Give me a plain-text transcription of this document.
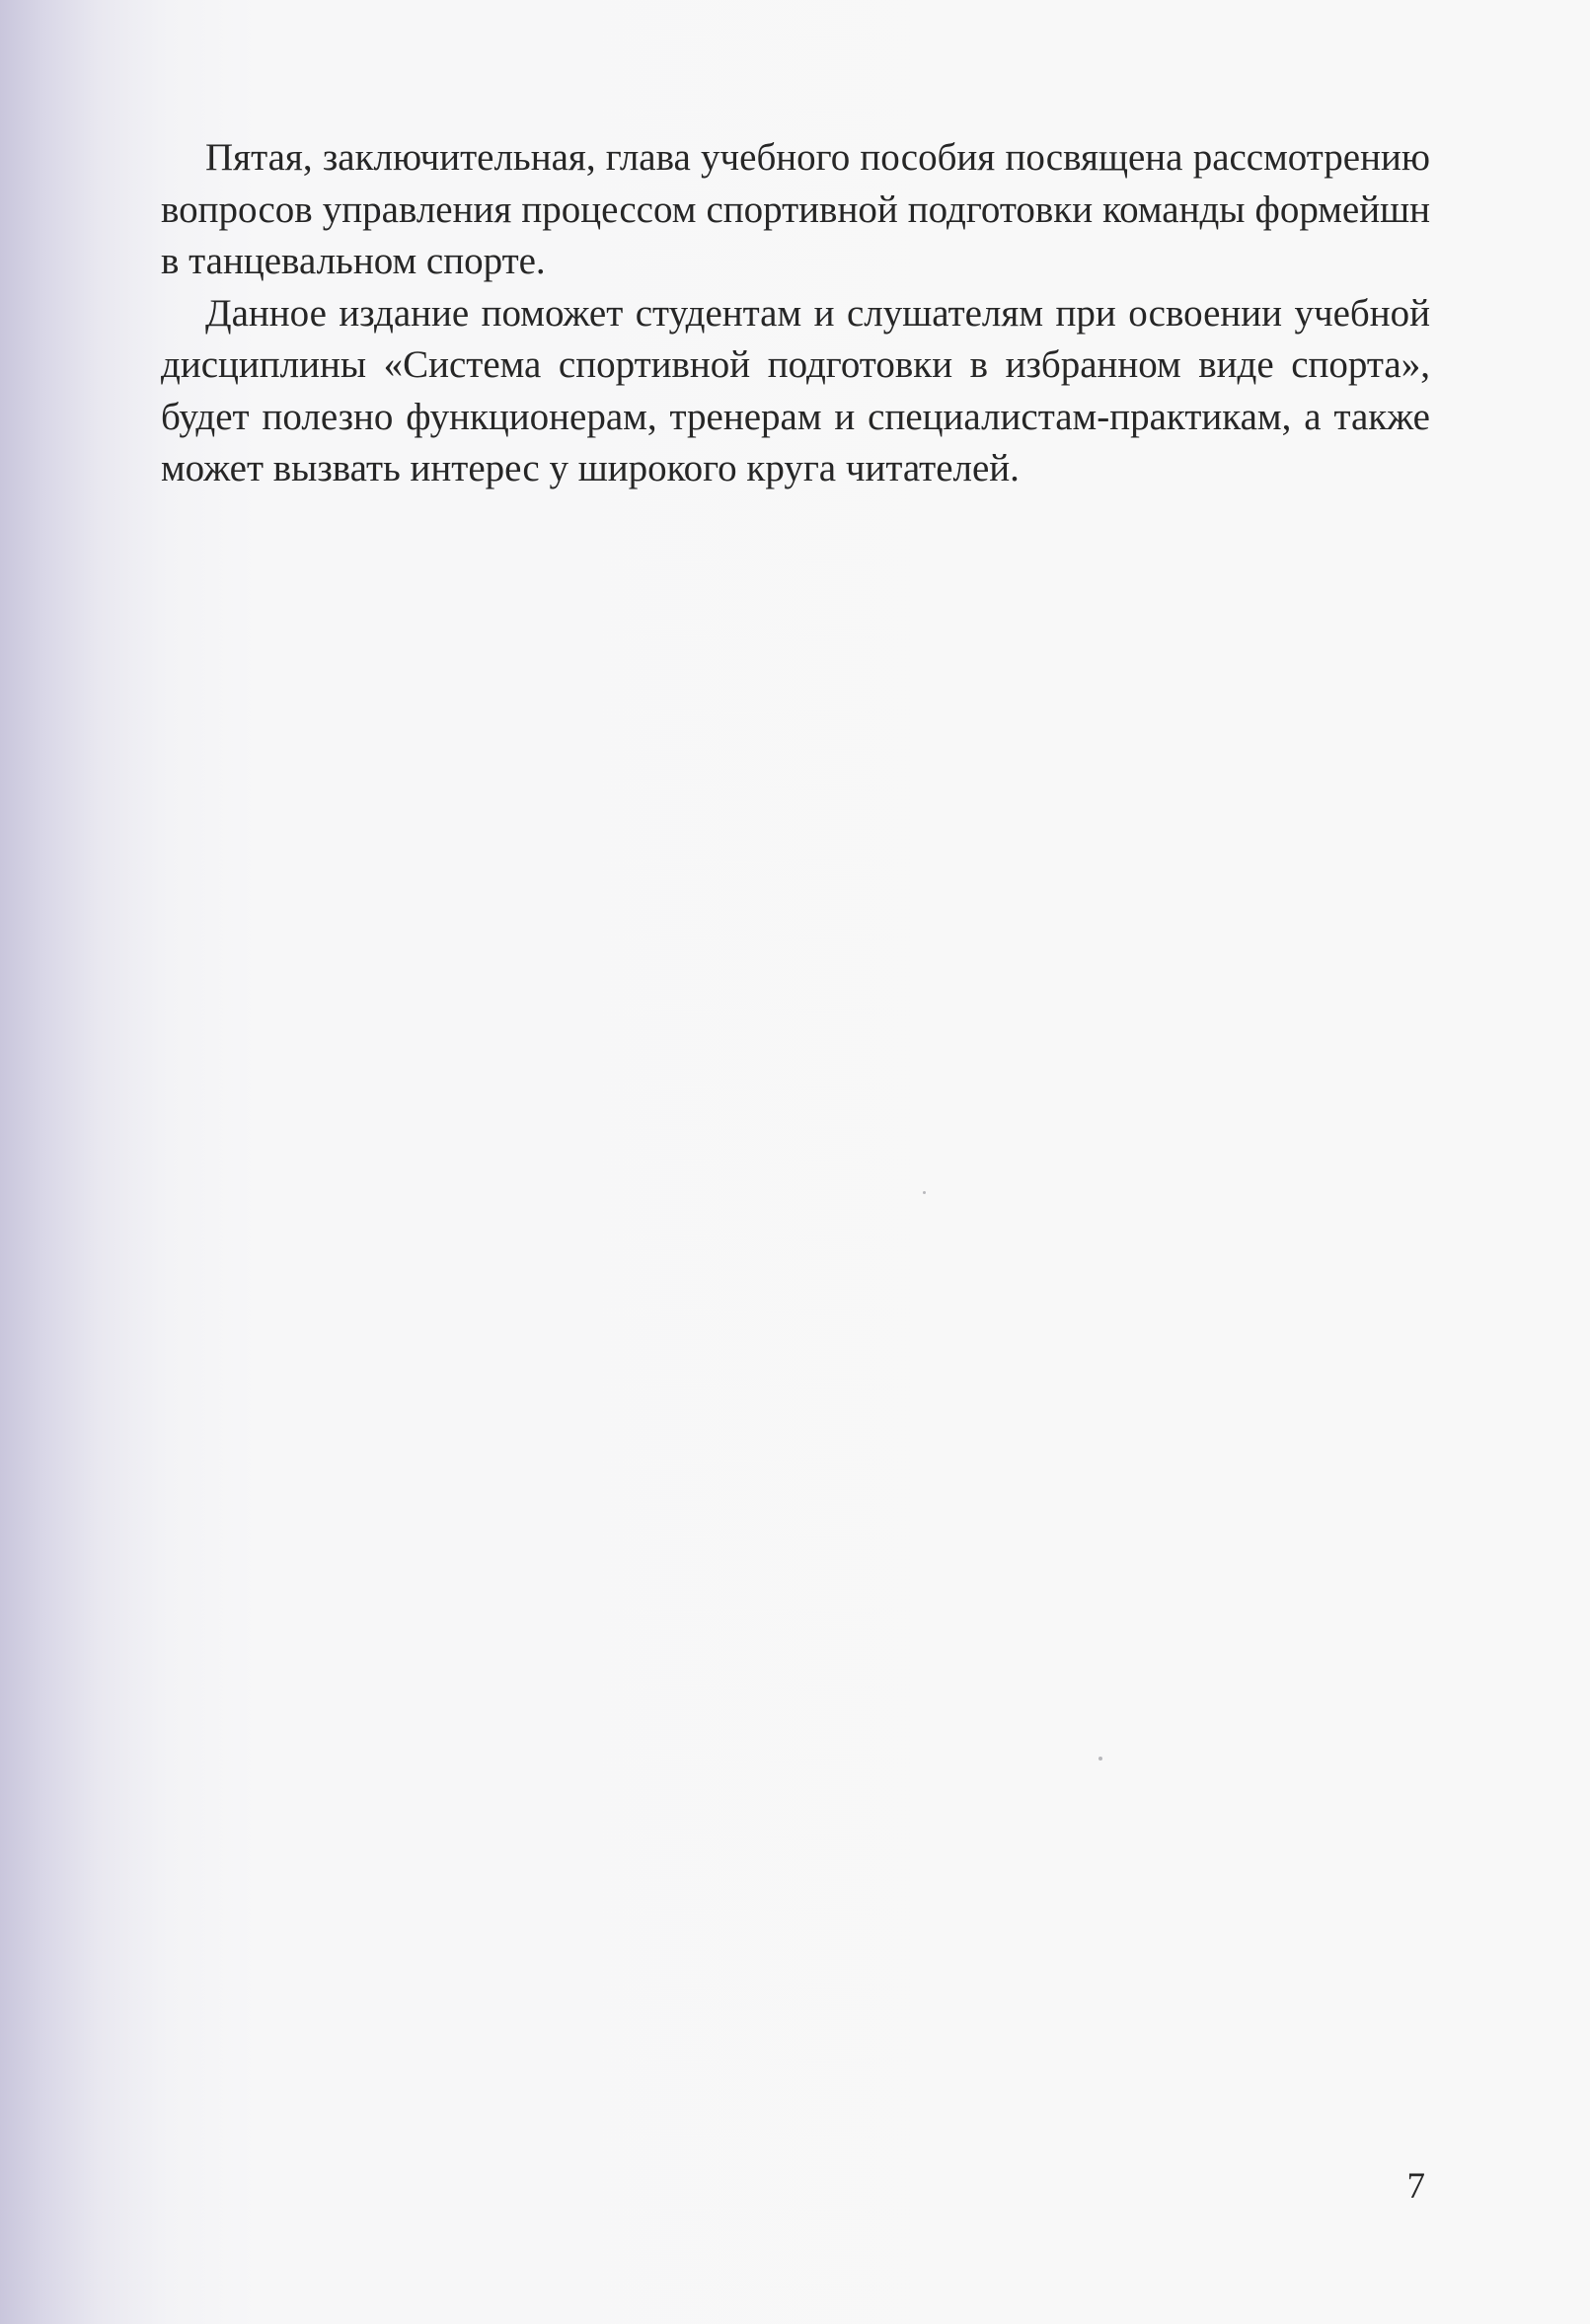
Пятая, заключительная, глава учебного пособия посвящена рассмотрению вопросов управления процессом спортивной подготовки команды формейшн в танцевальном спорте.

Данное издание поможет студентам и слушателям при освоении учебной дисциплины «Система спортивной подготовки в избранном виде спорта», будет полезно функционерам, тренерам и специалистам-практикам, а также может вызвать интерес у широкого круга читателей.

7
